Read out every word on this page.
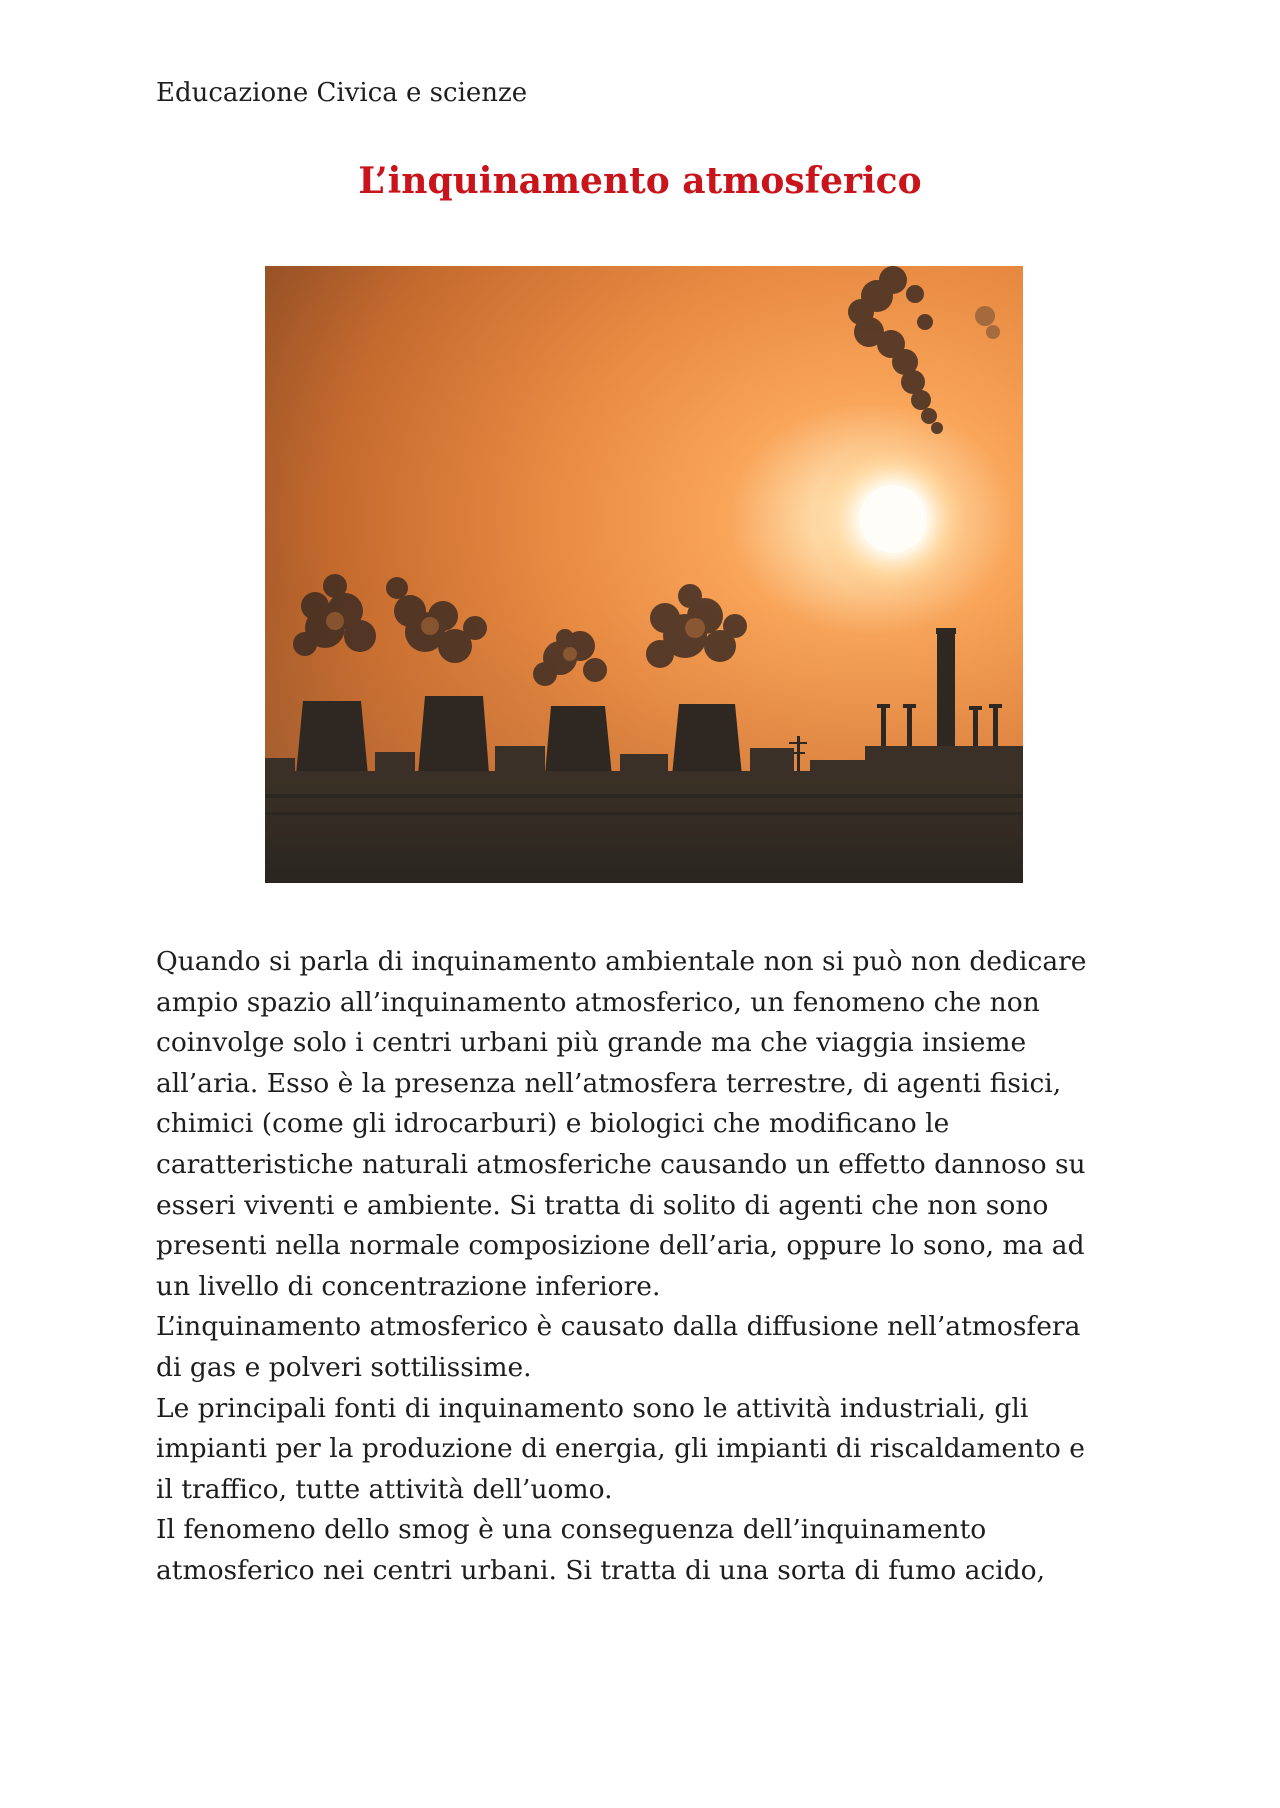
Educazione Civica e scienze
L’inquinamento atmosferico
Quando si parla di inquinamento ambientale non si può non dedicare
ampio spazio all’inquinamento atmosferico, un fenomeno che non
coinvolge solo i centri urbani più grande ma che viaggia insieme
all’aria. Esso è la presenza nell’atmosfera terrestre, di agenti fisici,
chimici (come gli idrocarburi) e biologici che modificano le
caratteristiche naturali atmosferiche causando un effetto dannoso su
esseri viventi e ambiente. Si tratta di solito di agenti che non sono
presenti nella normale composizione dell’aria, oppure lo sono, ma ad
un livello di concentrazione inferiore.
L’inquinamento atmosferico è causato dalla diffusione nell’atmosfera
di gas e polveri sottilissime.
Le principali fonti di inquinamento sono le attività industriali, gli
impianti per la produzione di energia, gli impianti di riscaldamento e
il traffico, tutte attività dell’uomo.
Il fenomeno dello smog è una conseguenza dell’inquinamento
atmosferico nei centri urbani. Si tratta di una sorta di fumo acido,
